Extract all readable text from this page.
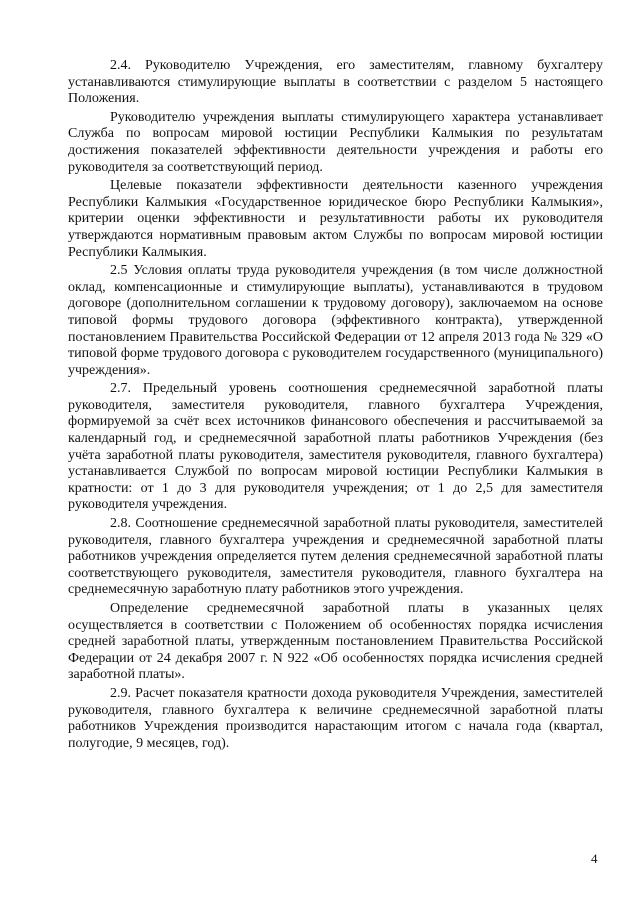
2.4. Руководителю Учреждения, его заместителям, главному бухгалтеру устанавливаются стимулирующие выплаты в соответствии с разделом 5 настоящего Положения.

Руководителю учреждения выплаты стимулирующего характера устанавливает Служба по вопросам мировой юстиции Республики Калмыкия по результатам достижения показателей эффективности деятельности учреждения и работы его руководителя за соответствующий период.

Целевые показатели эффективности деятельности казенного учреждения Республики Калмыкия «Государственное юридическое бюро Республики Калмыкия», критерии оценки эффективности и результативности работы их руководителя утверждаются нормативным правовым актом Службы по вопросам мировой юстиции Республики Калмыкия.

2.5 Условия оплаты труда руководителя учреждения (в том числе должностной оклад, компенсационные и стимулирующие выплаты), устанавливаются в трудовом договоре (дополнительном соглашении к трудовому договору), заключаемом на основе типовой формы трудового договора (эффективного контракта), утвержденной постановлением Правительства Российской Федерации от 12 апреля 2013 года № 329 «О типовой форме трудового договора с руководителем государственного (муниципального) учреждения».

2.7. Предельный уровень соотношения среднемесячной заработной платы руководителя, заместителя руководителя, главного бухгалтера Учреждения, формируемой за счёт всех источников финансового обеспечения и рассчитываемой за календарный год, и среднемесячной заработной платы работников Учреждения (без учёта заработной платы руководителя, заместителя руководителя, главного бухгалтера) устанавливается Службой по вопросам мировой юстиции Республики Калмыкия в кратности: от 1 до 3 для руководителя учреждения; от 1 до 2,5 для заместителя руководителя учреждения.

2.8. Соотношение среднемесячной заработной платы руководителя, заместителей руководителя, главного бухгалтера учреждения и среднемесячной заработной платы работников учреждения определяется путем деления среднемесячной заработной платы соответствующего руководителя, заместителя руководителя, главного бухгалтера на среднемесячную заработную плату работников этого учреждения.

Определение среднемесячной заработной платы в указанных целях осуществляется в соответствии с Положением об особенностях порядка исчисления средней заработной платы, утвержденным постановлением Правительства Российской Федерации от 24 декабря 2007 г. N 922 «Об особенностях порядка исчисления средней заработной платы».

2.9. Расчет показателя кратности дохода руководителя Учреждения, заместителей руководителя, главного бухгалтера к величине среднемесячной заработной платы работников Учреждения производится нарастающим итогом с начала года (квартал, полугодие, 9 месяцев, год).

4
